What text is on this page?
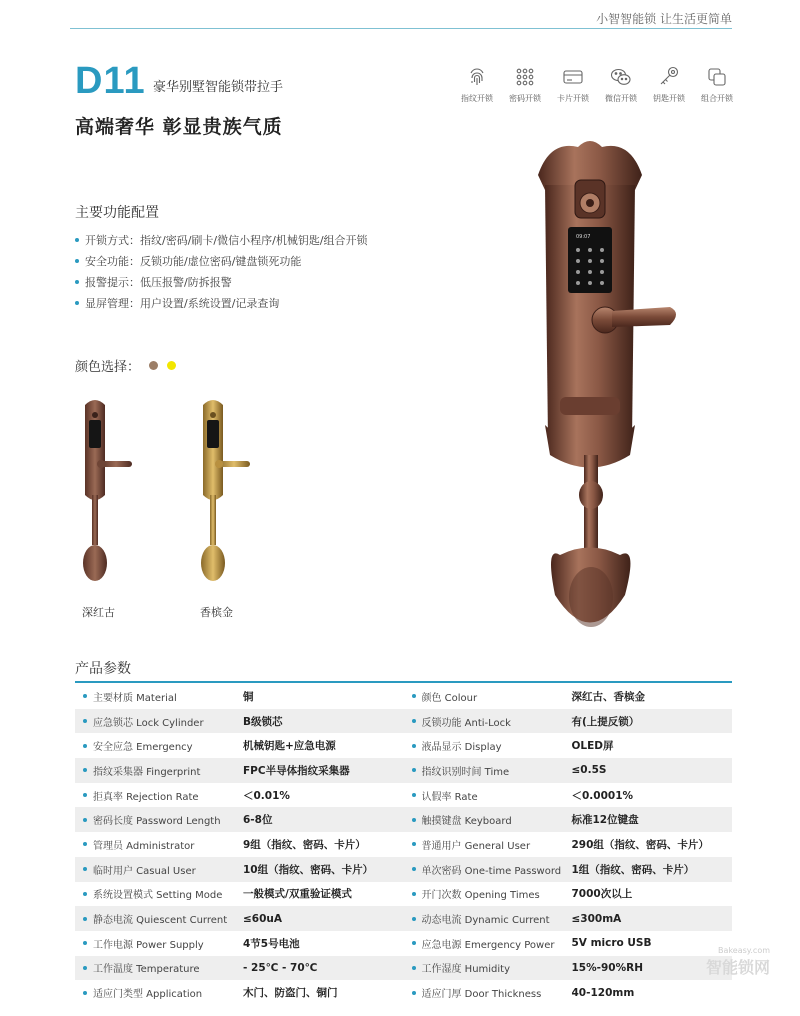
小智智能锁 让生活更简单
D11 豪华别墅智能锁带拉手
高端奢华 彰显贵族气质
指纹开锁 密码开锁 卡片开锁 微信开锁 钥匙开锁 组合开锁
主要功能配置
开锁方式：指纹/密码/刷卡/微信小程序/机械钥匙/组合开锁
安全功能：反锁功能/虚位密码/键盘锁死功能
报警提示：低压报警/防拆报警
显屏管理：用户设置/系统设置/记录查询
颜色选择：
深红古	香槟金
09:07
产品参数
主要材质 Material	铜	颜色 Colour	深红古、香槟金
应急锁芯 Lock Cylinder	B级锁芯	反锁功能 Anti-Lock	有(上提反锁）
安全应急 Emergency	机械钥匙+应急电源	液晶显示 Display	OLED屏
指纹采集器 Fingerprint	FPC半导体指纹采集器	指纹识别时间 Time	≤0.5S
拒真率 Rejection Rate	＜0.01%	认假率 Rate	＜0.0001%
密码长度 Password Length	6-8位	触摸键盘 Keyboard	标准12位键盘
管理员 Administrator	9组（指纹、密码、卡片）	普通用户 General User	290组（指纹、密码、卡片）
临时用户 Casual User	10组（指纹、密码、卡片）	单次密码 One-time Password 1组（指纹、密码、卡片）
系统设置模式 Setting Mode	一般模式/双重验证模式	开门次数 Opening Times	7000次以上
静态电流 Quiescent Current	≤60uA	动态电流 Dynamic Current	≤300mA
工作电源 Power Supply	4节5号电池	应急电源 Emergency Power	5V micro USB
工作温度 Temperature	- 25℃ - 70℃	工作湿度 Humidity	15%-90%RH
适应门类型 Application	木门、防盗门、铜门	适应门厚 Door Thickness	40-120mm
Bakeasy.com
智能锁网
